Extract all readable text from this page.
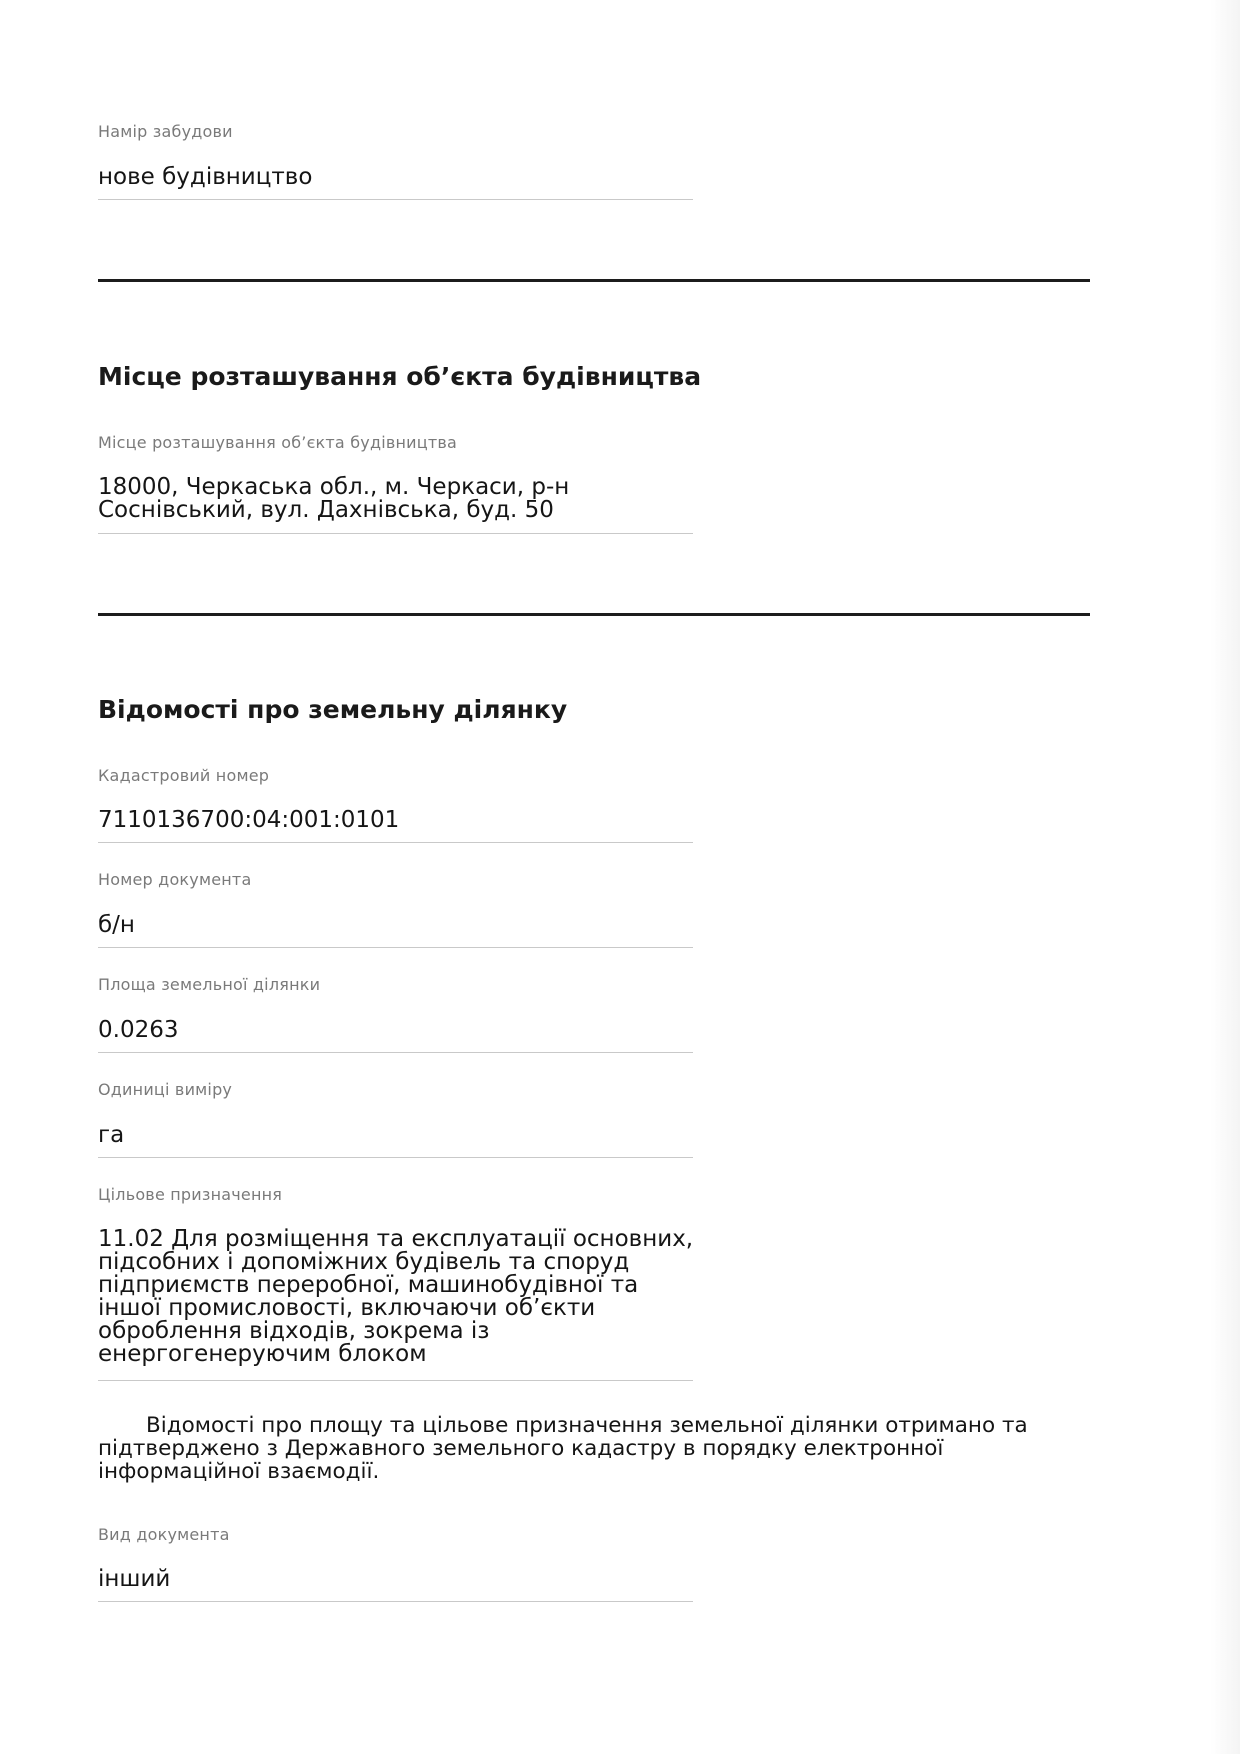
Намір забудови
нове будівництво
Місце розташування об’єкта будівництва
Місце розташування об’єкта будівництва
18000, Черкаська обл., м. Черкаси, р-н Соснівський, вул. Дахнівська, буд. 50
Відомості про земельну ділянку
Кадастровий номер
7110136700:04:001:0101
Номер документа
б/н
Площа земельної ділянки
0.0263
Одиниці виміру
га
Цільове призначення
11.02 Для розміщення та експлуатації основних, підсобних і допоміжних будівель та споруд підприємств переробної, машинобудівної та іншої промисловості, включаючи об’єкти оброблення відходів, зокрема із енергогенеруючим блоком
Відомості про площу та цільове призначення земельної ділянки отримано та підтверджено з Державного земельного кадастру в порядку електронної інформаційної взаємодії.
Вид документа
інший
